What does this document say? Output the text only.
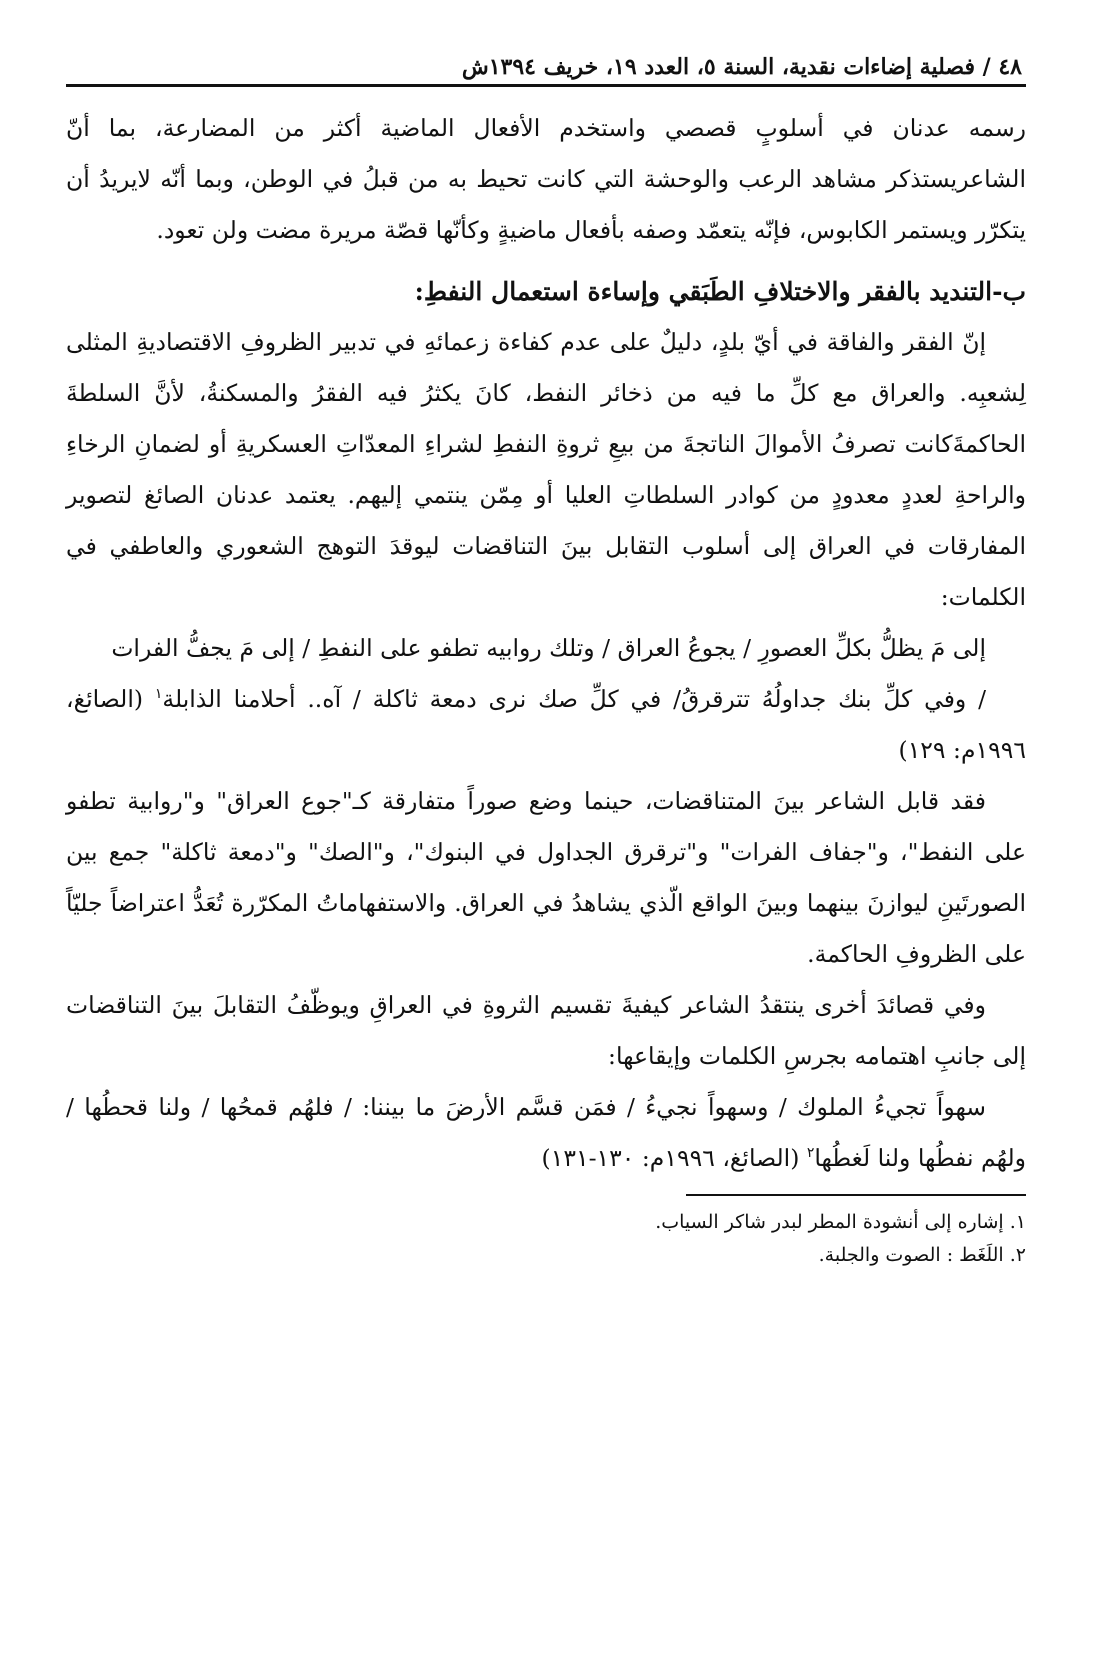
٤٨ / فصلية إضاءات نقدية، السنة ٥، العدد ١٩، خريف ١٣٩٤ش

رسمه عدنان في أسلوبٍ قصصي واستخدم الأفعال الماضية أكثر من المضارعة، بما أنّ الشاعريستذكر مشاهد الرعب والوحشة التي كانت تحيط به من قبلُ في الوطن، وبما أنّه لايريدُ أن يتكرّر ويستمر الكابوس، فإنّه يتعمّد وصفه بأفعال ماضيةٍ وكأنّها قصّة مريرة مضت ولن تعود.

ب-التنديد بالفقر والاختلافِ الطَبَقي وإساءة استعمال النفطِ:

إنّ الفقر والفاقة في أيّ بلدٍ، دليلٌ على عدم كفاءة زعمائهِ في تدبير الظروفِ الاقتصاديةِ المثلى لِشعبِه. والعراق مع كلِّ ما فيه من ذخائر النفط، كانَ يكثرُ فيه الفقرُ والمسكنةُ، لأنَّ السلطةَ الحاكمةَكانت تصرفُ الأموالَ الناتجةَ من بيعِ ثروةِ النفطِ لشراءِ المعدّاتِ العسكريةِ أو لضمانِ الرخاءِ والراحةِ لعددٍ معدودٍ من كوادر السلطاتِ العليا أو مِمّن ينتمي إليهم. يعتمد عدنان الصائغ لتصوير المفارقات في العراق إلى أسلوب التقابل بينَ التناقضات ليوقدَ التوهج الشعوري والعاطفي في الكلمات:

إلى مَ يظلُّ بكلِّ العصورِ / يجوعُ العراق / وتلك روابيه تطفو على النفطِ / إلى مَ يجفُّ الفرات

/ وفي كلِّ بنك جداولُهُ تترقرقُ/ في كلِّ صك نرى دمعة ثاكلة / آه.. أحلامنا الذابلة$^١$ (الصائغ، ١٩٩٦م: ١٢٩)

فقد قابل الشاعر بينَ المتناقضات، حينما وضع صوراً متفارقة كـ"جوع العراق" و"روابية تطفو على النفط"، و"جفاف الفرات" و"ترقرق الجداول في البنوك"، و"الصك" و"دمعة ثاكلة" جمع بين الصورتَينِ ليوازنَ بينهما وبينَ الواقع الّذي يشاهدُ في العراق. والاستفهاماتُ المكرّرة تُعَدُّ اعتراضاً جليّاً على الظروفِ الحاكمة.

وفي قصائدَ أخرى ينتقدُ الشاعر كيفيةَ تقسيم الثروةِ في العراقِ ويوظّفُ التقابلَ بينَ التناقضات إلى جانبِ اهتمامه بجرسِ الكلمات وإيقاعها:

سهواً تجيءُ الملوك / وسهواً نجيءُ / فمَن قسَّم الأرضَ ما بيننا: / فلهُم قمحُها / ولنا قحطُها / ولهُم نفطُها ولنا لَغطُها$^٢$ (الصائغ، ١٩٩٦م: ١٣٠-١٣١)

١. إشاره إلى أنشودة المطر لبدر شاكر السياب.

٢. اللَغَط : الصوت والجلبة.
